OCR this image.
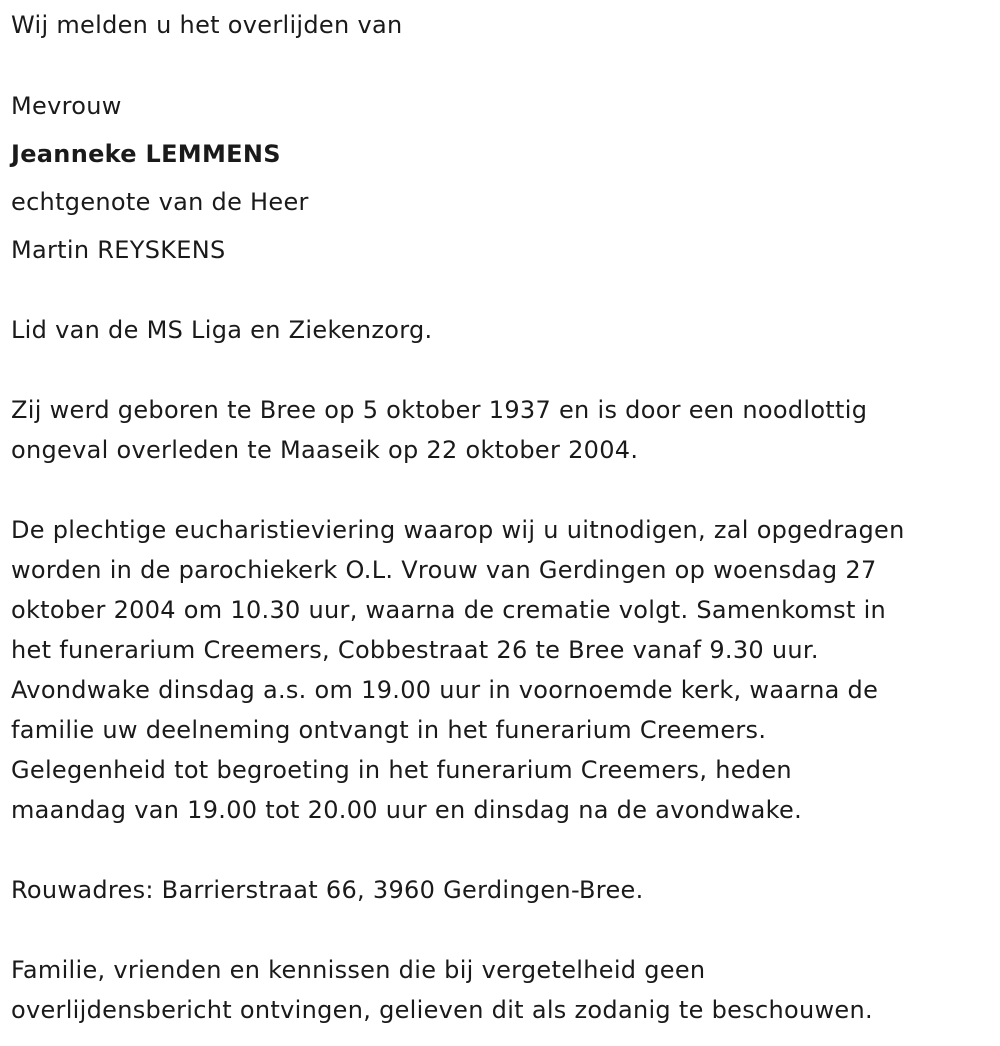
Wij melden u het overlijden van
Mevrouw
Jeanneke LEMMENS
echtgenote van de Heer
Martin REYSKENS
Lid van de MS Liga en Ziekenzorg.
Zij werd geboren te Bree op 5 oktober 1937 en is door een noodlottig
ongeval overleden te Maaseik op 22 oktober 2004.
De plechtige eucharistieviering waarop wij u uitnodigen, zal opgedragen
worden in de parochiekerk O.L. Vrouw van Gerdingen op woensdag 27
oktober 2004 om 10.30 uur, waarna de crematie volgt. Samenkomst in
het funerarium Creemers, Cobbestraat 26 te Bree vanaf 9.30 uur.
Avondwake dinsdag a.s. om 19.00 uur in voornoemde kerk, waarna de
familie uw deelneming ontvangt in het funerarium Creemers.
Gelegenheid tot begroeting in het funerarium Creemers, heden
maandag van 19.00 tot 20.00 uur en dinsdag na de avondwake.
Rouwadres: Barrierstraat 66, 3960 Gerdingen-Bree.
Familie, vrienden en kennissen die bij vergetelheid geen
overlijdensbericht ontvingen, gelieven dit als zodanig te beschouwen.
